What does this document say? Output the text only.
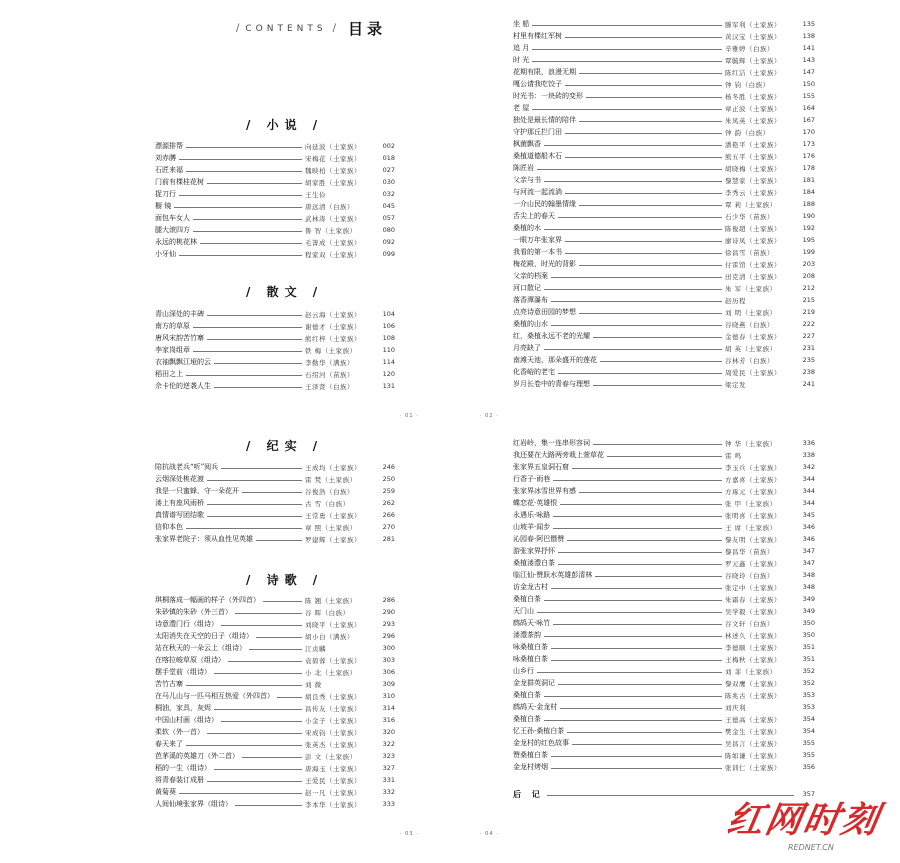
/ 小说 /
漂源排帮	向延波（土家族）	002
刘赤膊	宋梅花（土家族）	018
石匠来福	魏映柏（土家族）	027
门前有棵桂花树	胡家胜（土家族）	030
捉刀行	王生俭	032
橱 镜	唐远清（白族）	045
面包车女人	武林涛（土家族）	057
腿大滚四方	鲁 智（土家族）	080
永远的桃花林	毛箐成（土家族）	092
小牙仙	程家双（土家族）	099
/ 散文 /
青山深处的丰碑	赵云海（土家族）	104
南方的草原	谢德才（土家族）	106
唐风宋韵苦竹寨	熊红梓（土家族）	108
李家岗组章	铁 梅（土家族）	110
衣袖飘飘江垭的云	李勤华（满族）	114
稻田之上	石绍河（苗族）	120
佘卡伦的逆袭人生	王泽贤（白族）	131
· 01 ·
坐 船	滕军利（土家族）	135
村里有棵红军树	黄汉宝（土家族）	138
追 月	辛雅婷（白族）	141
时 光	覃毓辉（土家族）	143
花期有限，浪漫无期	陈红洁（土家族）	147
嘎公请我吃饺子	钟 钧（白族）	150
时光书：一块砖的变形	杨冬胜（土家族）	155
老 屋	章正波（土家族）	164
独处是最长情的陪伴	朱凤英（土家族）	167
守护那丘拦门田	钟 韵（白族）	170
枫菌飘香	潘艳平（土家族）	173
桑植道德船木石	熊五平（土家族）	176
陈匠岩	胡晓梅（土家族）	178
父亲与书	黎慧家（土家族）	181
与河流一起流淌	李秀云（土家族）	184
一介山民的翰墨情缘	覃 莉（土家族）	188
舌尖上的春天	石少华（苗族）	190
桑植的水	陈俊超（土家族）	192
一眼万年张家界	廖诗凤（土家族）	195
我看的第一本书	徐昌雪（苗族）	199
梅花殿，时光的背影	付雷馆（土家族）	203
父亲的档案	田克清（土家族）	208
河口散记	朱 军（土家族）	212
落香潭瀑布	赵历程	215
点亮诗意田园的梦想	刘 明（土家族）	219
桑植的山水	谷晓燕（白族）	222
红，桑植永远不老的光耀	金德春（土家族）	227
月亮缺了	胡 英（土家族）	231
南滩天池，那朵盛开的莲花	谷林芳（白族）	235
化香峪的老宅	周爱民（土家族）	238
岁月长卷中的青春与理想	梁定发	241
· 02 ·
/ CONTENTS / 目录
/ 纪实 /
陪抗战老兵“听”阅兵	王成均（土家族）	246
云烟深处桃花渡	雷 梵（土家族）	250
我是一只蜜蜂，守一朵花开	谷俊浩（白族）	259
溇上有座风雨桥	古 雪（白族）	262
真情谱写团结歌	王常勇（土家族）	266
信仰本色	章 照（土家族）	270
张家界老院子：须从血性见英雄	罗建辉（土家族）	281
/ 诗歌 /
琪桐落成一幅画的样子（外四首）	陈 翘（土家族）	286
朱砂镇的朱砂（外三首）	谷 晖（白族）	290
诗意澧门行（组诗）	刘晓平（土家族）	293
太阳消失在天空的日子（组诗）	胡小白（满族）	296
站在秋天的一朵云上（组诗）	江贞麟	300
在喀拉峻草原（组诗）	袁碧蓉（土家族）	303
摆手堂前（组诗）	小 北（土家族）	306
苦竹古寨	刘 微	309
在马儿山与一匹马相互热爱（外四首）	胡良秀（土家族）	310
桐油，家具，灰烬	昌传友（土家族）	314
中国山村画（组诗）	小金子（土家族）	316
柔软（外一首）	宋成钧（土家族）	320
春天来了	张英杰（土家族）	322
芭茅溪的英雄刀（外二首）	彭 文（土家族）	323
稻的一生（组诗）	唐海玉（土家族）	327
将青春装订成册	王爱民（土家族）	331
黄菊葵	赵一凡（土家族）	332
人间仙境张家界（组诗）	李本华（土家族）	333
· 03 ·
红岩岭，集一连串形容词	钟 华（土家族）	336
我还要在大路两旁栽上萱草花	雷 鸣	338
张家界五皇洞石窟	李玉兵（土家族）	342
行香子·雨巷	方嘉喜（土家族）	344
张家界冰雪世界有感	方琢元（土家族）	344
蝶恋花·英雄恨	张 甲（土家族）	344
永遇乐·咏路	张明喜（土家族）	345
山坡羊·闻步	王 席（土家族）	346
沁园春·阿巴僭赞	黎友明（土家族）	346
游张家界抒怀	黎昌华（苗族）	347
桑植溇澧白茶	罗元鑫（土家族）	347
临江仙·赞跃水英雄彭清林	谷晓玲（白族）	348
访金龙古村	张定中（土家族）	348
桑植白茶	朱霜春（土家族）	349
天门山	吴学毅（土家族）	349
鹧鸪天·咏竹	谷文轩（白族）	350
溇澧茶韵	林述久（土家族）	350
咏桑植白茶	李德顺（土家族）	351
咏桑植白茶	王梅秋（土家族）	351
山乡行	刘 菲（土家族）	352
金龙群英洞记	黎双鹰（土家族）	352
桑植白茶	陈兆古（土家族）	353
鹧鸪天·金龙村	刘庆利	353
桑植白茶	王德高（土家族）	354
忆王孙·桑植白茶	樊金生（土家族）	354
金龙村的红色故事	吴昌言（土家族）	355
赞桑植白茶	陈如谦（土家族）	355
金龙村烤烟	张训仁（土家族）	356
后 记	357
· 04 ·	红网时刻
REDNET.CN
